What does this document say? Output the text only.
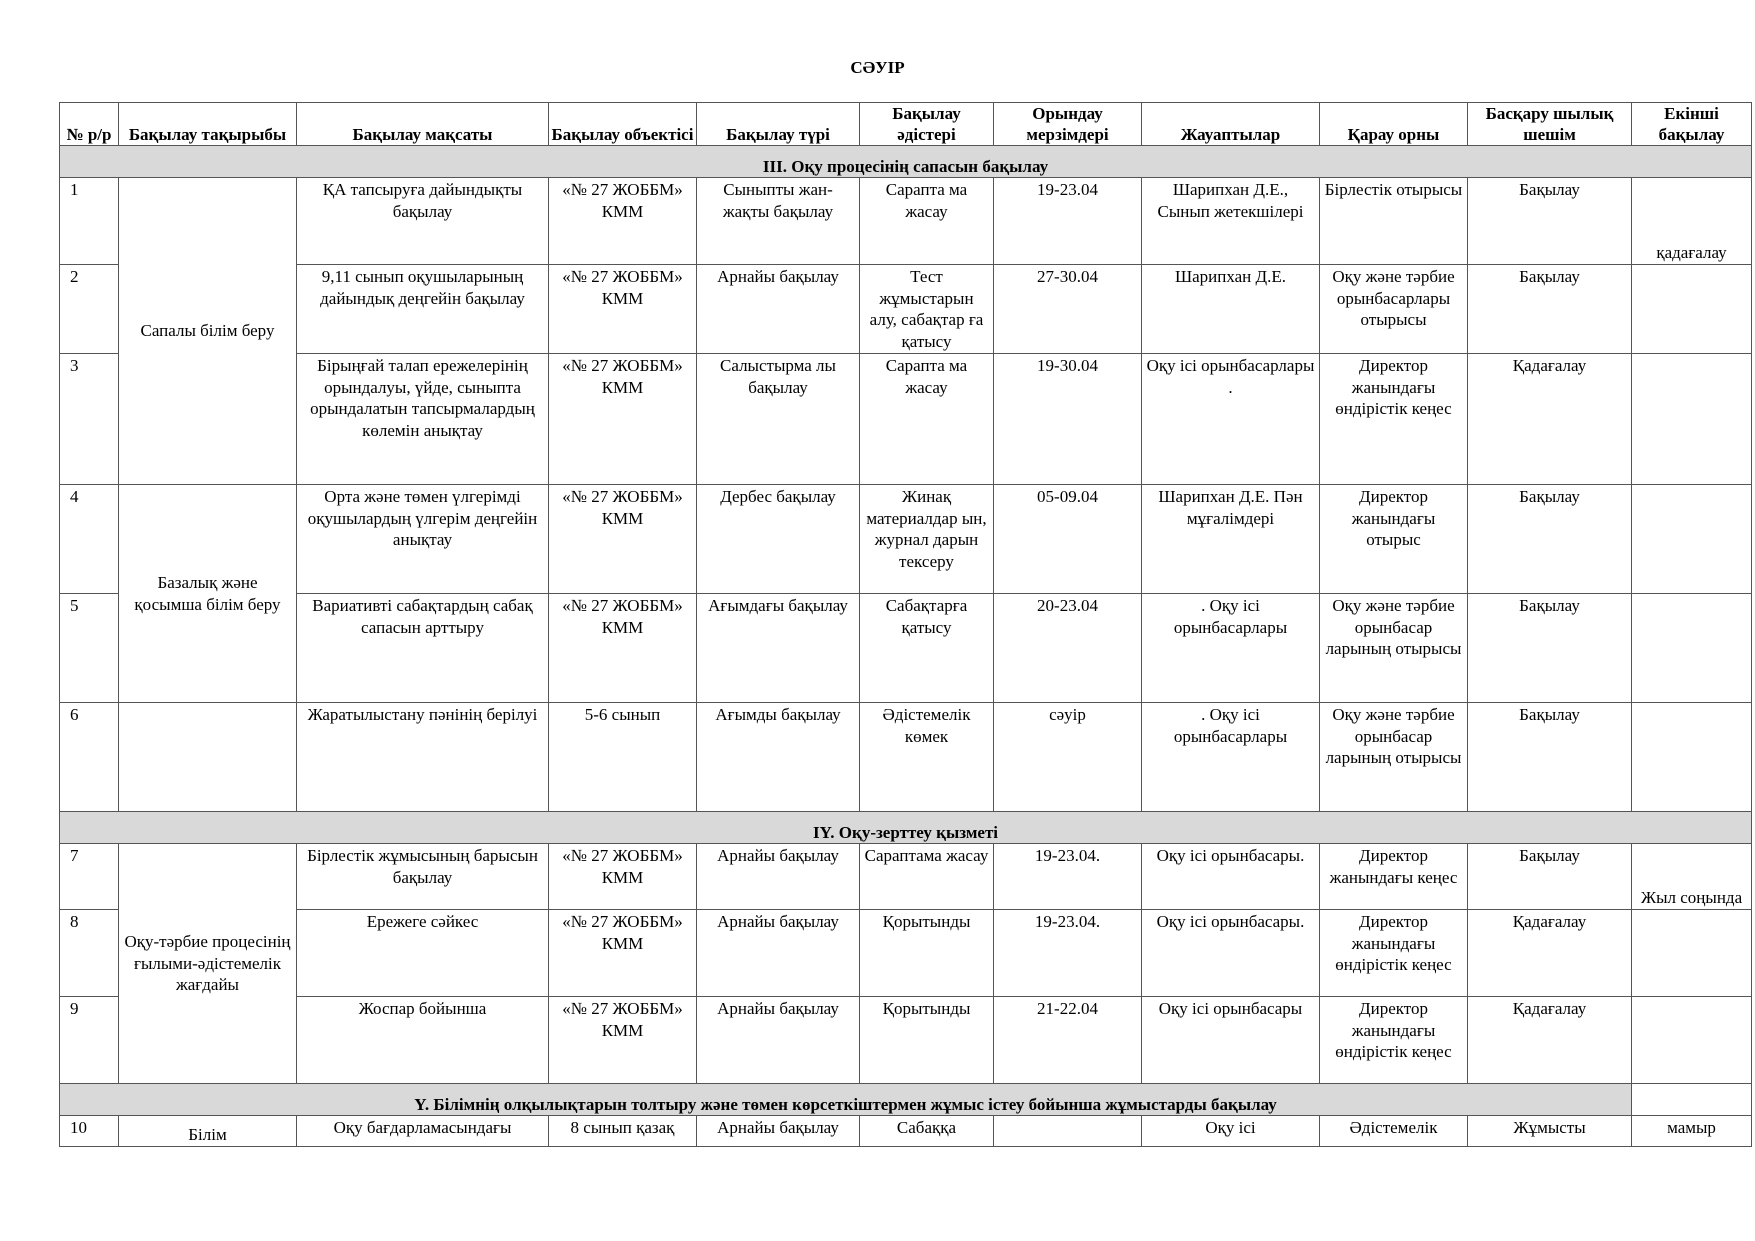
СӘУІР
№ р/р	Бақылау тақырыбы	Бақылау мақсаты	Бақылау объектісі	Бақылау түрі	Бақылау әдістері	Орындау мерзімдері	Жауаптылар	Қарау орны	Басқару шылық шешім	Екінші бақылау
ІІІ. Оқу процесінің сапасын бақылау										
1	Сапалы білім беру	ҚА тапсыруға дайындықты бақылау	«№ 27 ЖОББМ» КММ	Сыныпты жан-жақты бақылау	Сарапта ма жасау	19-23.04	Шарипхан Д.Е., Сынып жетекшілері	Бірлестік отырысы	Бақылау	қадағалау
2		9,11 сынып оқушыларының дайындық деңгейін бақылау	«№ 27 ЖОББМ» КММ	Арнайы бақылау	Тест жұмыстарын алу, сабақтар ға қатысу	27-30.04	Шарипхан Д.Е.	Оқу және тәрбие орынбасарлары отырысы	Бақылау	
3		Бірыңғай талап ережелерінің орындалуы, үйде, сыныпта орындалатын тапсырмалардың көлемін анықтау	«№ 27 ЖОББМ» КММ	Салыстырма лы бақылау	Сарапта ма жасау	19-30.04	Оқу ісі орынбасарлары .	Директор жанындағы өндірістік кеңес	Қадағалау	
4	Базалық және қосымша білім беру	Орта және төмен үлгерімді оқушылардың үлгерім деңгейін анықтау	«№ 27 ЖОББМ» КММ	Дербес бақылау	Жинақ материалдар ын, журнал дарын тексеру	05-09.04	Шарипхан Д.Е. Пән мұғалімдері	Директор жанындағы отырыс	Бақылау	
5		Вариативті сабақтардың сабақ сапасын арттыру	«№ 27 ЖОББМ» КММ	Ағымдағы бақылау	Сабақтарға қатысу	20-23.04	. Оқу ісі орынбасарлары	Оқу және тәрбие орынбасар ларының отырысы	Бақылау	
6		Жаратылыстану пәнінің берілуі	5-6 сынып	Ағымды бақылау	Әдістемелік көмек	сәуір	. Оқу ісі орынбасарлары	Оқу және тәрбие орынбасар ларының отырысы	Бақылау	
ІY. Оқу-зерттеу қызметі										
7	Оқу-тәрбие процесінің ғылыми-әдістемелік жағдайы	Бірлестік жұмысының барысын бақылау	«№ 27 ЖОББМ» КММ	Арнайы бақылау	Сараптама жасау	19-23.04.	Оқу ісі орынбасары.	Директор жанындағы кеңес	Бақылау	Жыл соңында
8		Ережеге сәйкес	«№ 27 ЖОББМ» КММ	Арнайы бақылау	Қорытынды	19-23.04.	Оқу ісі орынбасары.	Директор жанындағы өндірістік кеңес	Қадағалау	
9		Жоспар бойынша	«№ 27 ЖОББМ» КММ	Арнайы бақылау	Қорытынды	21-22.04	Оқу ісі орынбасары	Директор жанындағы өндірістік кеңес	Қадағалау	
Y. Білімнің олқылықтарын толтыру және төмен көрсеткіштермен жұмыс істеу бойынша жұмыстарды бақылау										
10	Білім	Оқу бағдарламасындағы	8 сынып қазақ	Арнайы бақылау	Сабаққа		Оқу ісі	Әдістемелік	Жұмысты	мамыр
